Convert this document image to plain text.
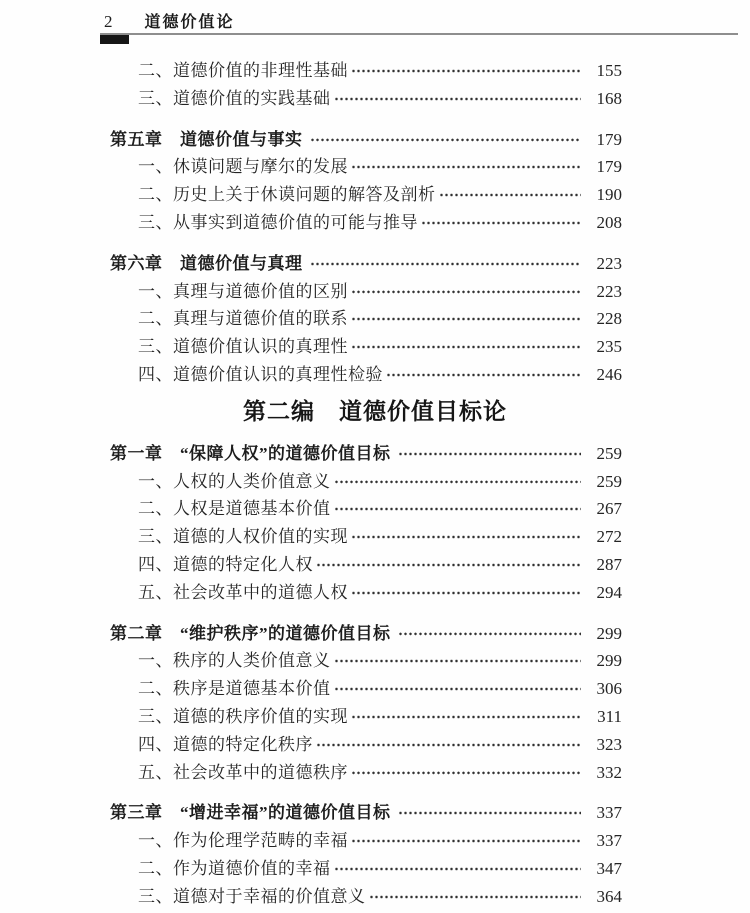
2 道德价值论
二、道德价值的非理性基础	155
三、道德价值的实践基础	168
第五章　道德价值与事实	179
一、休谟问题与摩尔的发展	179
二、历史上关于休谟问题的解答及剖析	190
三、从事实到道德价值的可能与推导	208
第六章　道德价值与真理	223
一、真理与道德价值的区别	223
二、真理与道德价值的联系	228
三、道德价值认识的真理性	235
四、道德价值认识的真理性检验	246
第二编　道德价值目标论
第一章　“保障人权”的道德价值目标	259
一、人权的人类价值意义	259
二、人权是道德基本价值	267
三、道德的人权价值的实现	272
四、道德的特定化人权	287
五、社会改革中的道德人权	294
第二章　“维护秩序”的道德价值目标	299
一、秩序的人类价值意义	299
二、秩序是道德基本价值	306
三、道德的秩序价值的实现	311
四、道德的特定化秩序	323
五、社会改革中的道德秩序	332
第三章　“增进幸福”的道德价值目标	337
一、作为伦理学范畴的幸福	337
二、作为道德价值的幸福	347
三、道德对于幸福的价值意义	364
